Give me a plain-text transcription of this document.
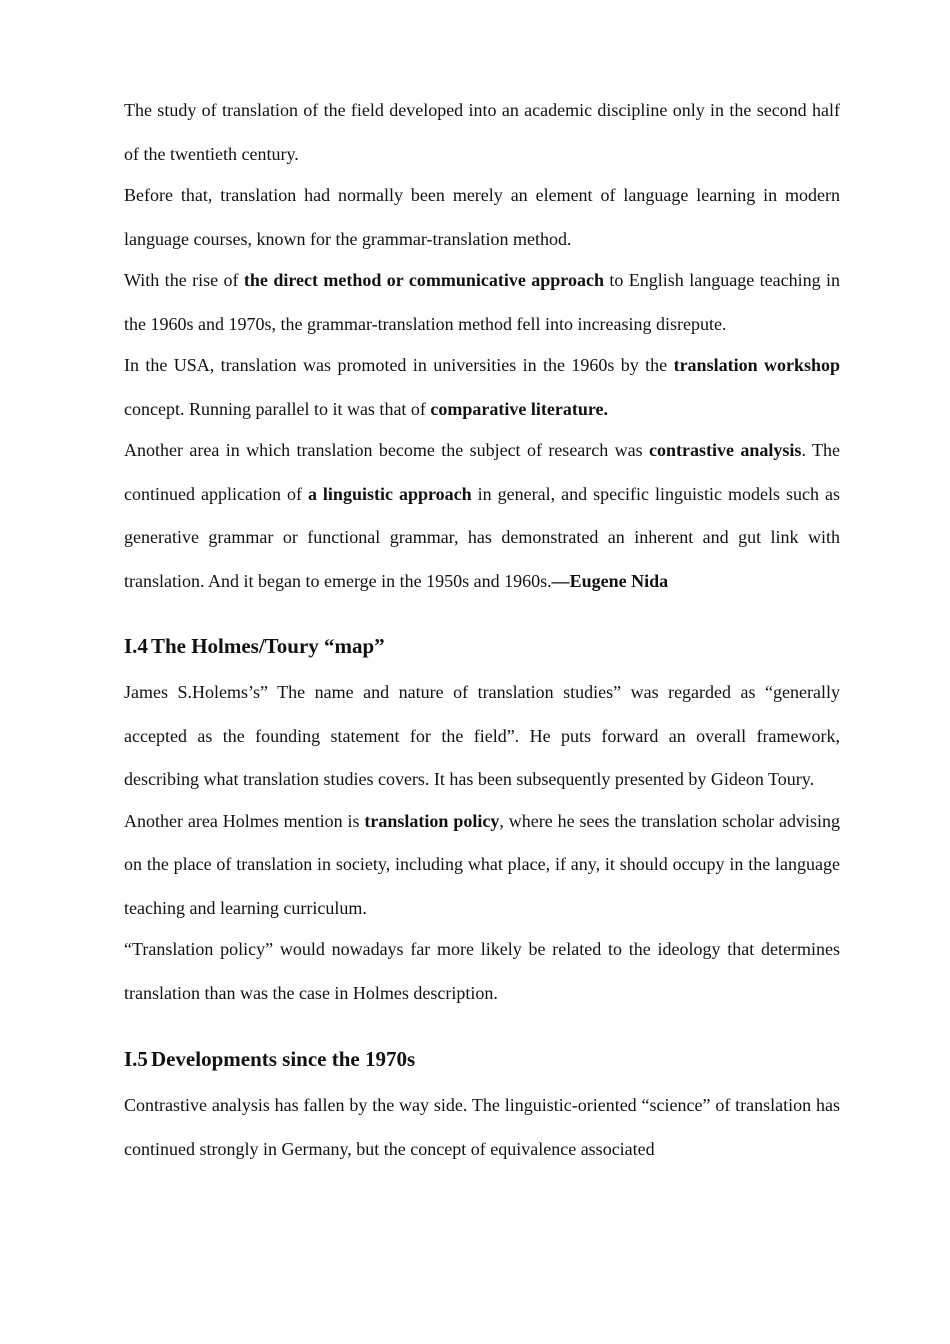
The study of translation of the field developed into an academic discipline only in the second half of the twentieth century.

Before that, translation had normally been merely an element of language learning in modern language courses, known for the grammar-translation method.

With the rise of the direct method or communicative approach to English language teaching in the 1960s and 1970s, the grammar-translation method fell into increasing disrepute.

In the USA, translation was promoted in universities in the 1960s by the translation workshop concept. Running parallel to it was that of comparative literature.

Another area in which translation become the subject of research was contrastive analysis. The continued application of a linguistic approach in general, and specific linguistic models such as generative grammar or functional grammar, has demonstrated an inherent and gut link with translation. And it began to emerge in the 1950s and 1960s.—Eugene Nida

I.4 The Holmes/Toury “map”

James S.Holems’s” The name and nature of translation studies” was regarded as “generally accepted as the founding statement for the field”. He puts forward an overall framework, describing what translation studies covers. It has been subsequently presented by Gideon Toury.

Another area Holmes mention is translation policy, where he sees the translation scholar advising on the place of translation in society, including what place, if any, it should occupy in the language teaching and learning curriculum.

“Translation policy” would nowadays far more likely be related to the ideology that determines translation than was the case in Holmes description.

I.5 Developments since the 1970s

Contrastive analysis has fallen by the way side. The linguistic-oriented “science” of translation has continued strongly in Germany, but the concept of equivalence associated
